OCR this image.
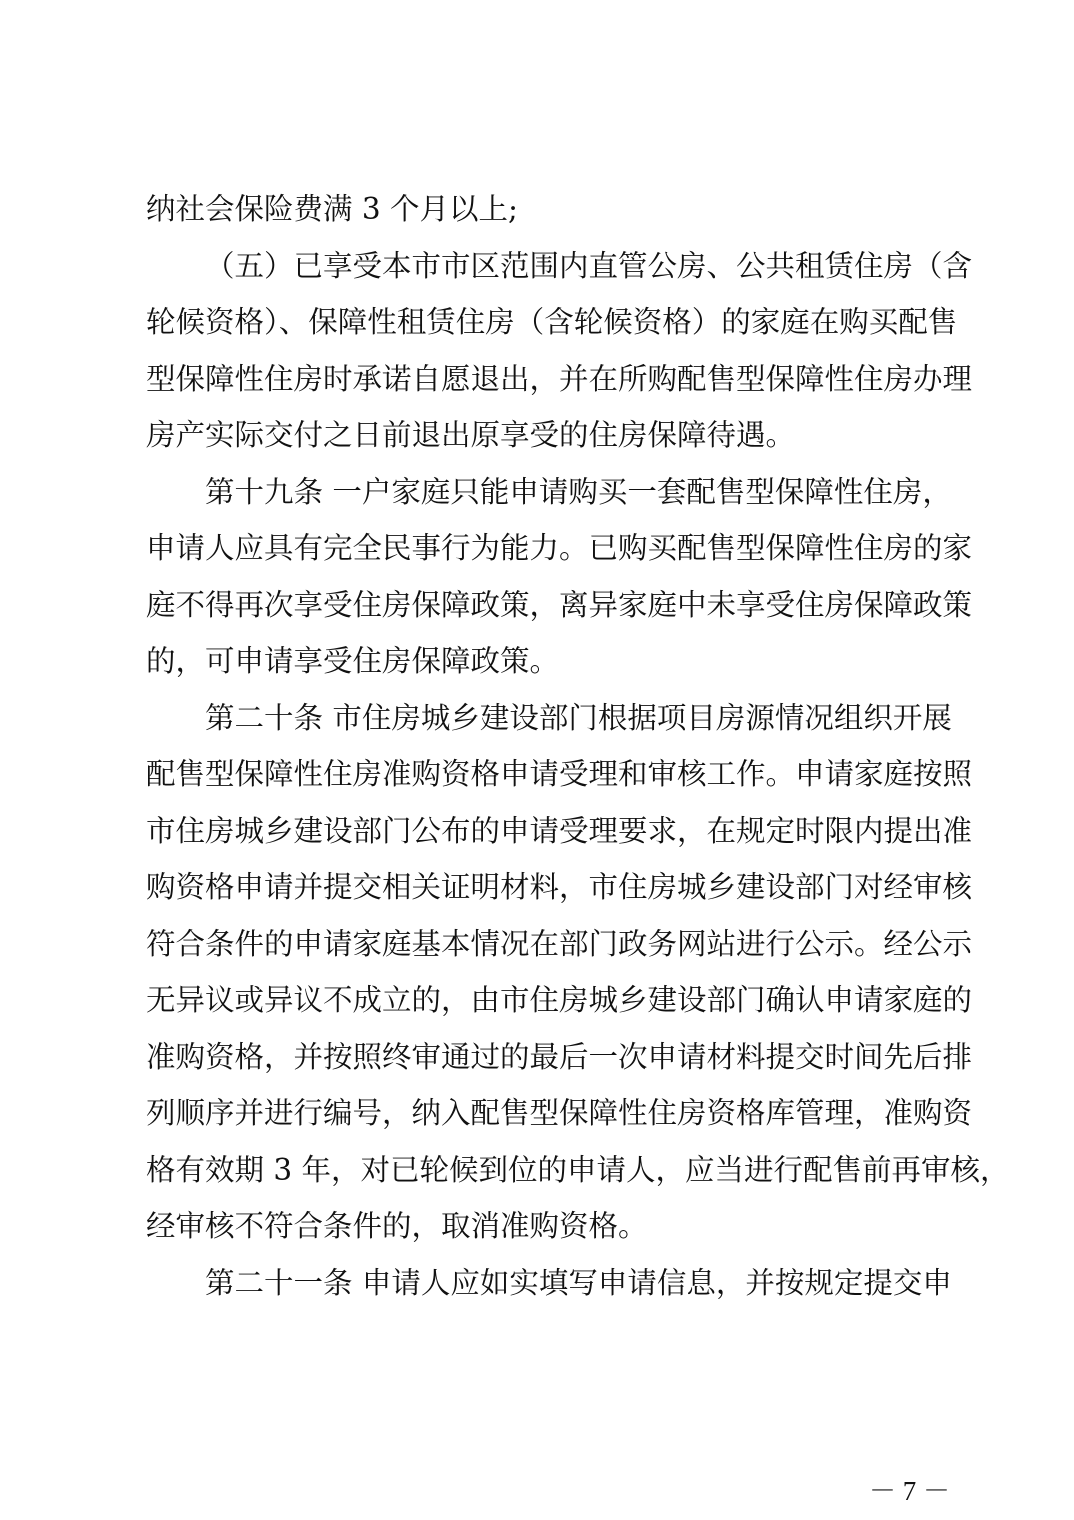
纳社会保险费满 3 个月以上;
（五）已享受本市市区范围内直管公房、公共租赁住房（含
轮候资格）、保障性租赁住房（含轮候资格）的家庭在购买配售
型保障性住房时承诺自愿退出，并在所购配售型保障性住房办理
房产实际交付之日前退出原享受的住房保障待遇。
第十九条 一户家庭只能申请购买一套配售型保障性住房，
申请人应具有完全民事行为能力。已购买配售型保障性住房的家
庭不得再次享受住房保障政策，离异家庭中未享受住房保障政策
的，可申请享受住房保障政策。
第二十条 市住房城乡建设部门根据项目房源情况组织开展
配售型保障性住房准购资格申请受理和审核工作。申请家庭按照
市住房城乡建设部门公布的申请受理要求，在规定时限内提出准
购资格申请并提交相关证明材料，市住房城乡建设部门对经审核
符合条件的申请家庭基本情况在部门政务网站进行公示。经公示
无异议或异议不成立的，由市住房城乡建设部门确认申请家庭的
准购资格，并按照终审通过的最后一次申请材料提交时间先后排
列顺序并进行编号，纳入配售型保障性住房资格库管理，准购资
格有效期 3 年，对已轮候到位的申请人，应当进行配售前再审核，
经审核不符合条件的，取消准购资格。
第二十一条 申请人应如实填写申请信息，并按规定提交申
－ 7 －
